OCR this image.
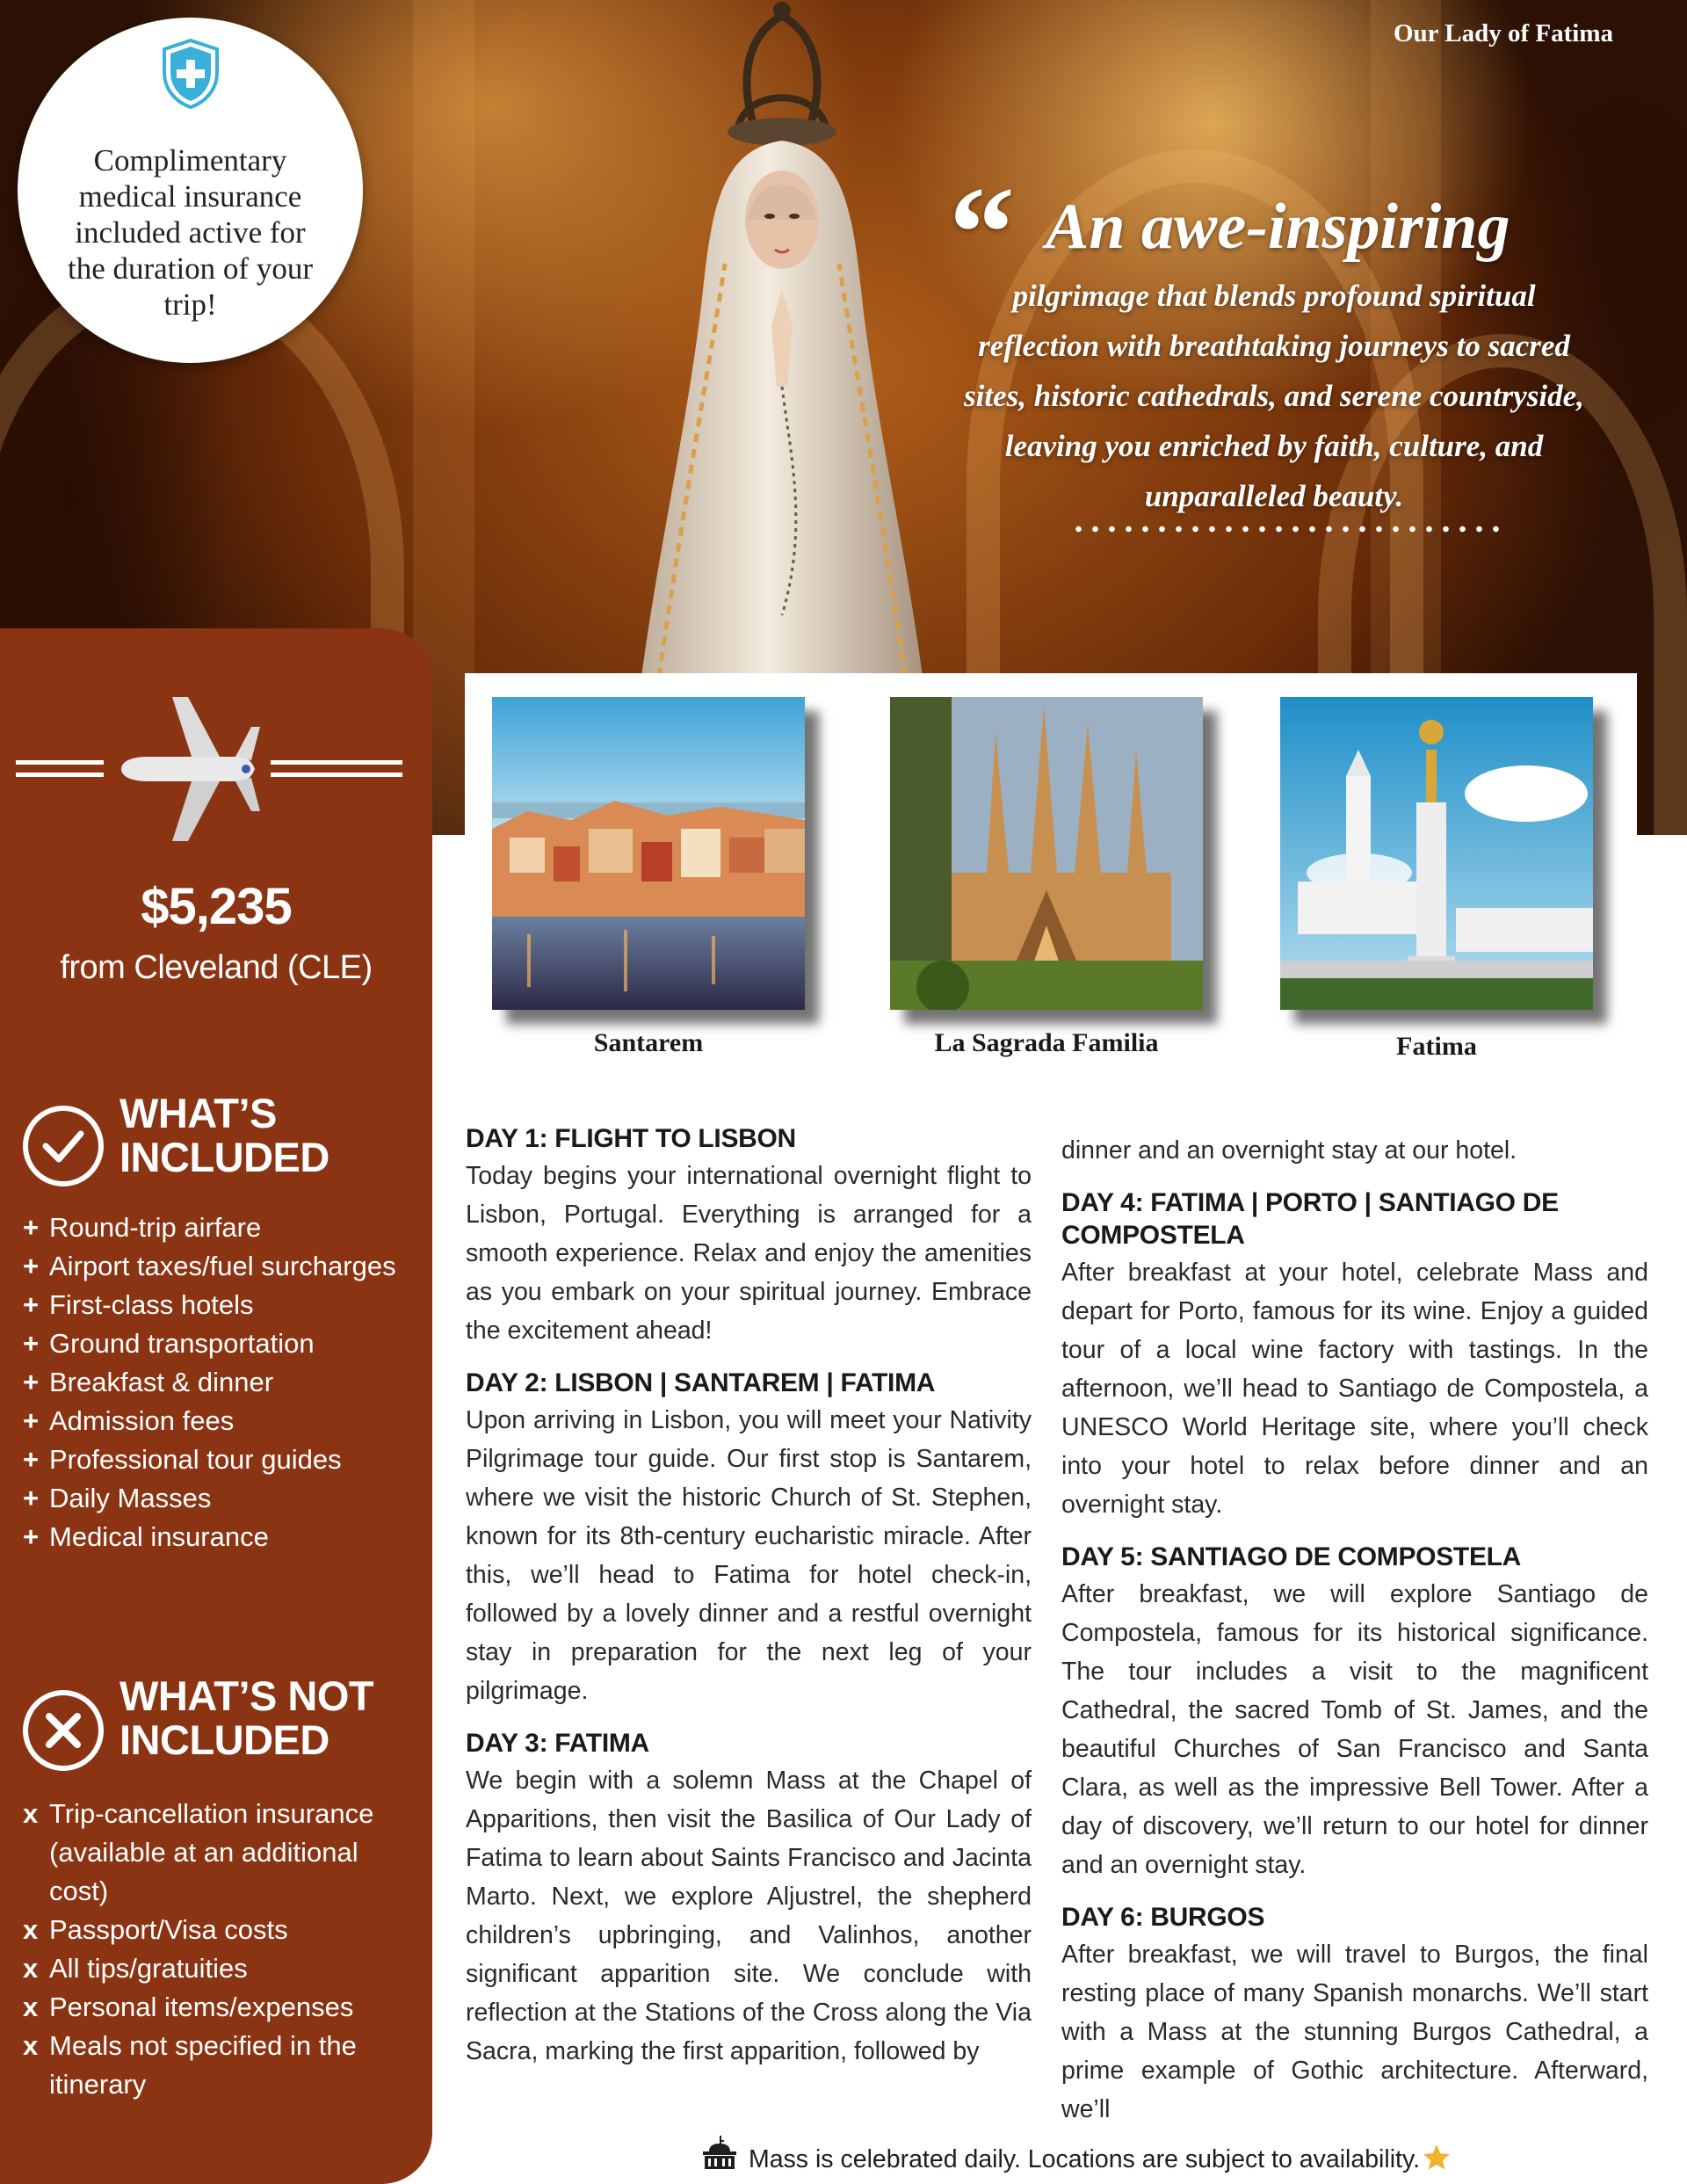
Our Lady of Fatima
Complimentary medical insurance included active for the duration of your trip!	“ An awe-inspiring
pilgrimage that blends profound spiritual reflection with breathtaking journeys to sacred sites, historic cathedrals, and serene countryside, leaving you enriched by faith, culture, and unparalleled beauty.
$5,235
from Cleveland (CLE)
WHAT’S
INCLUDED
+ Round-trip airfare
+ Airport taxes/fuel surcharges
+ First-class hotels
+ Ground transportation
+ Breakfast & dinner
+ Admission fees
+ Professional tour guides
+ Daily Masses
+ Medical insurance
WHAT’S NOT
INCLUDED
x Trip-cancellation insurance (available at an additional cost)
x Passport/Visa costs
x All tips/gratuities
x Personal items/expenses
x Meals not specified in the itinerary
Santarem	La Sagrada Familia	Fatima
DAY 1: FLIGHT TO LISBON

Today begins your international overnight flight to Lisbon, Portugal. Everything is arranged for a smooth experience. Relax and enjoy the amenities as you embark on your spiritual journey. Embrace the excitement ahead!

DAY 2: LISBON | SANTAREM | FATIMA

Upon arriving in Lisbon, you will meet your Nativity Pilgrimage tour guide. Our first stop is Santarem, where we visit the historic Church of St. Stephen, known for its 8th-century eucharistic miracle. After this, we’ll head to Fatima for hotel check-in, followed by a lovely dinner and a restful overnight stay in preparation for the next leg of your pilgrimage.

DAY 3: FATIMA

We begin with a solemn Mass at the Chapel of Apparitions, then visit the Basilica of Our Lady of Fatima to learn about Saints Francisco and Jacinta Marto. Next, we explore Aljustrel, the shepherd children’s upbringing, and Valinhos, another significant apparition site. We conclude with reflection at the Stations of the Cross along the Via Sacra, marking the first apparition, followed by

dinner and an overnight stay at our hotel.

DAY 4: FATIMA | PORTO | SANTIAGO DE COMPOSTELA

After breakfast at your hotel, celebrate Mass and depart for Porto, famous for its wine. Enjoy a guided tour of a local wine factory with tastings. In the afternoon, we’ll head to Santiago de Compostela, a UNESCO World Heritage site, where you’ll check into your hotel to relax before dinner and an overnight stay.

DAY 5: SANTIAGO DE COMPOSTELA

After breakfast, we will explore Santiago de Compostela, famous for its historical significance. The tour includes a visit to the magnificent Cathedral, the sacred Tomb of St. James, and the beautiful Churches of San Francisco and Santa Clara, as well as the impressive Bell Tower. After a day of discovery, we’ll return to our hotel for dinner and an overnight stay.

DAY 6: BURGOS

After breakfast, we will travel to Burgos, the final resting place of many Spanish monarchs. We’ll start with a Mass at the stunning Burgos Cathedral, a prime example of Gothic architecture. Afterward, we’ll

Mass is celebrated daily. Locations are subject to availability.
